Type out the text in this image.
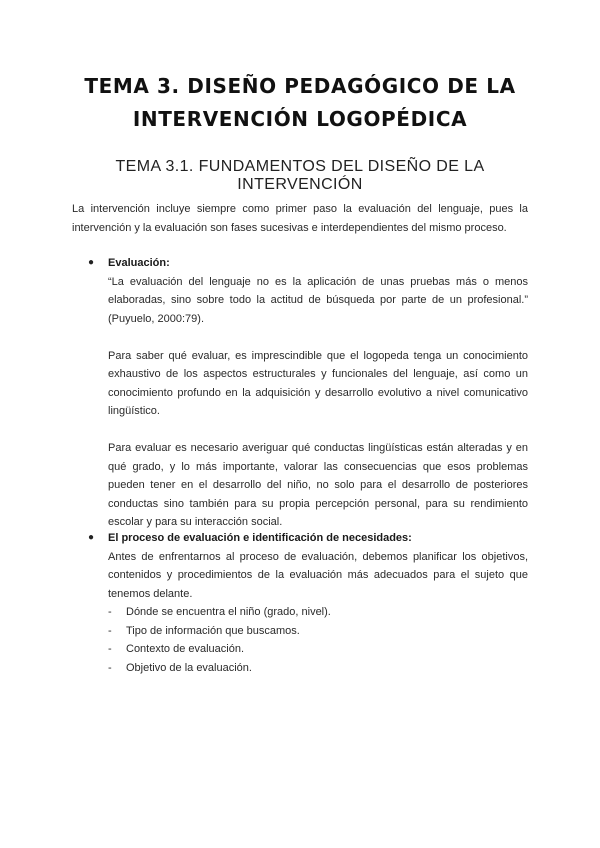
TEMA 3. DISEÑO PEDAGÓGICO DE LA
INTERVENCIÓN LOGOPÉDICA
TEMA 3.1. FUNDAMENTOS DEL DISEÑO DE LA INTERVENCIÓN

La intervención incluye siempre como primer paso la evaluación del lenguaje, pues la intervención y la evaluación son fases sucesivas e interdependientes del mismo proceso.

● Evaluación:

“La evaluación del lenguaje no es la aplicación de unas pruebas más o menos elaboradas, sino sobre todo la actitud de búsqueda por parte de un profesional.” (Puyuelo, 2000:79).

Para saber qué evaluar, es imprescindible que el logopeda tenga un conocimiento exhaustivo de los aspectos estructurales y funcionales del lenguaje, así como un conocimiento profundo en la adquisición y desarrollo evolutivo a nivel comunicativo lingüístico.

Para evaluar es necesario averiguar qué conductas lingüísticas están alteradas y en qué grado, y lo más importante, valorar las consecuencias que esos problemas pueden tener en el desarrollo del niño, no solo para el desarrollo de posteriores conductas sino también para su propia percepción personal, para su rendimiento escolar y para su interacción social.

● El proceso de evaluación e identificación de necesidades:

Antes de enfrentarnos al proceso de evaluación, debemos planificar los objetivos, contenidos y procedimientos de la evaluación más adecuados para el sujeto que tenemos delante.

- Dónde se encuentra el niño (grado, nivel).
- Tipo de información que buscamos.
- Contexto de evaluación.
- Objetivo de la evaluación.
